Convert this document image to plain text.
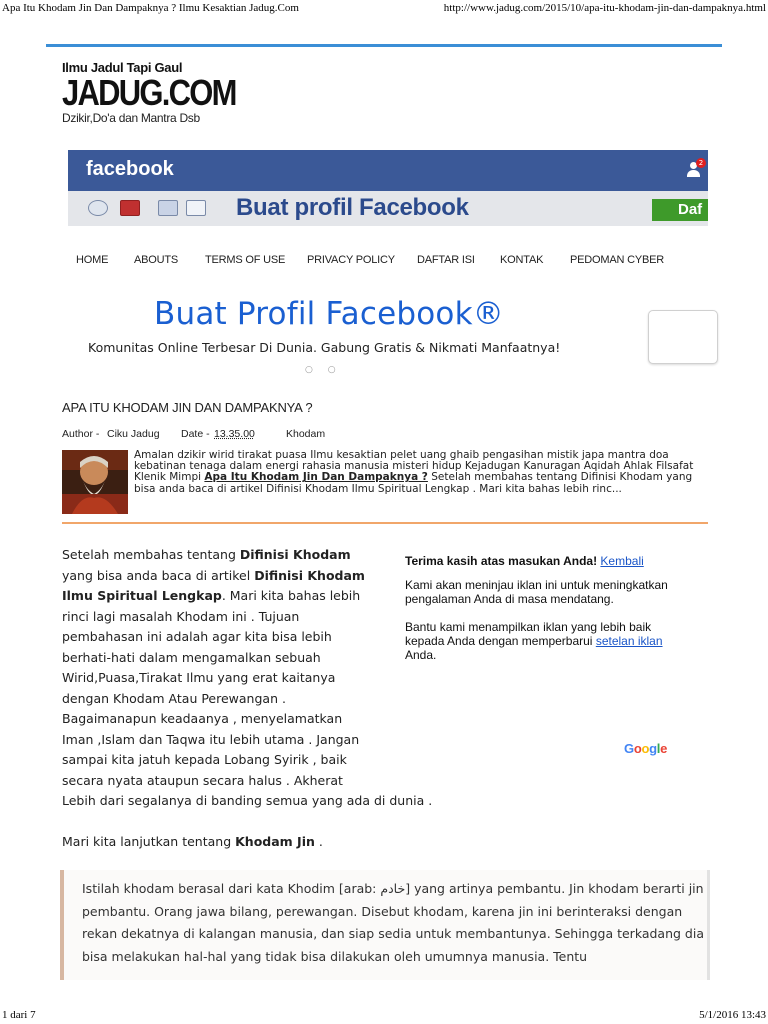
Apa Itu Khodam Jin Dan Dampaknya ? Ilmu Kesaktian Jadug.Com	http://www.jadug.com/2015/10/apa-itu-khodam-jin-dan-dampaknya.html
Ilmu Jadul Tapi Gaul
JADUG.COM
Dzikir,Do'a dan Mantra Dsb
facebook	2
Buat profil Facebook	Daf
HOME ABOUTS TERMS OF USE PRIVACY POLICY DAFTAR ISI KONTAK PEDOMAN CYBER
Buat Profil Facebook®
Komunitas Online Terbesar Di Dunia. Gabung Gratis & Nikmati Manfaatnya!
○ ○
APA ITU KHODAM JIN DAN DAMPAKNYA ?
Author - Ciku Jadug Date - 13.35.00	Khodam
Amalan dzikir wirid tirakat puasa Ilmu kesaktian pelet uang ghaib pengasihan mistik japa mantra doa kebatinan tenaga dalam energi rahasia manusia misteri hidup Kejadugan Kanuragan Aqidah Ahlak Filsafat Klenik Mimpi Apa Itu Khodam Jin Dan Dampaknya ? Setelah membahas tentang Difinisi Khodam yang bisa anda baca di artikel Difinisi Khodam Ilmu Spiritual Lengkap . Mari kita bahas lebih rinc...

Setelah membahas tentang Difinisi Khodam
yang bisa anda baca di artikel Difinisi Khodam
Ilmu Spiritual Lengkap. Mari kita bahas lebih
rinci lagi masalah Khodam ini . Tujuan
pembahasan ini adalah agar kita bisa lebih
berhati-hati dalam mengamalkan sebuah
Wirid,Puasa,Tirakat Ilmu yang erat kaitanya
dengan Khodam Atau Perewangan .
Bagaimanapun keadaanya , menyelamatkan
Iman ,Islam dan Taqwa itu lebih utama . Jangan
sampai kita jatuh kepada Lobang Syirik , baik
secara nyata ataupun secara halus . Akherat
Lebih dari segalanya di banding semua yang ada di dunia .

Mari kita lanjutkan tentang Khodam Jin .

Terima kasih atas masukan Anda! Kembali

Kami akan meninjau iklan ini untuk meningkatkan pengalaman Anda di masa mendatang.

Bantu kami menampilkan iklan yang lebih baik kepada Anda dengan memperbarui setelan iklan Anda.

Google
Istilah khodam berasal dari kata Khodim [arab: خادم] yang artinya pembantu. Jin khodam berarti jin pembantu. Orang jawa bilang, perewangan. Disebut khodam, karena jin ini berinteraksi dengan rekan dekatnya di kalangan manusia, dan siap sedia untuk membantunya. Sehingga terkadang dia bisa melakukan hal-hal yang tidak bisa dilakukan oleh umumnya manusia. Tentu
1 dari 7	5/1/2016 13:43
